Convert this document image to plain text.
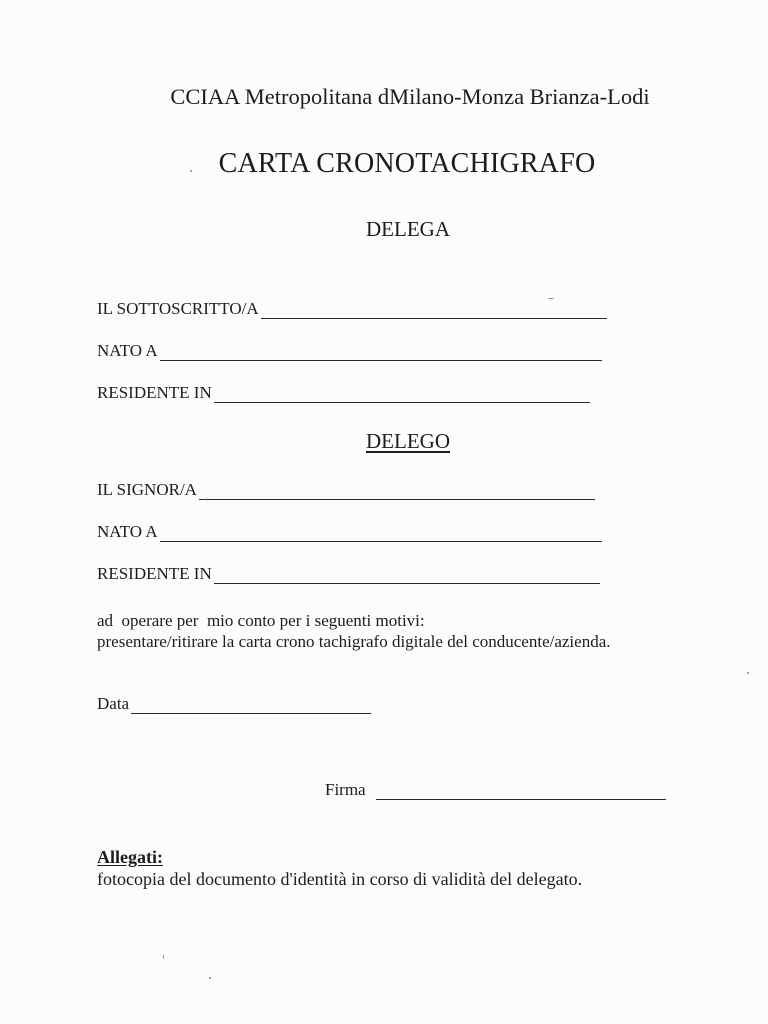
CCIAA Metropolitana dMilano-Monza Brianza-Lodi
CARTA CRONOTACHIGRAFO
DELEGA
IL SOTTOSCRITTO/A
NATO A
RESIDENTE IN
DELEGO
IL SIGNOR/A
NATO A
RESIDENTE IN
ad  operare per  mio conto per i seguenti motivi:
presentare/ritirare la carta crono tachigrafo digitale del conducente/azienda.
Data
Firma
Allegati:
fotocopia del documento d'identità in corso di validità del delegato.
